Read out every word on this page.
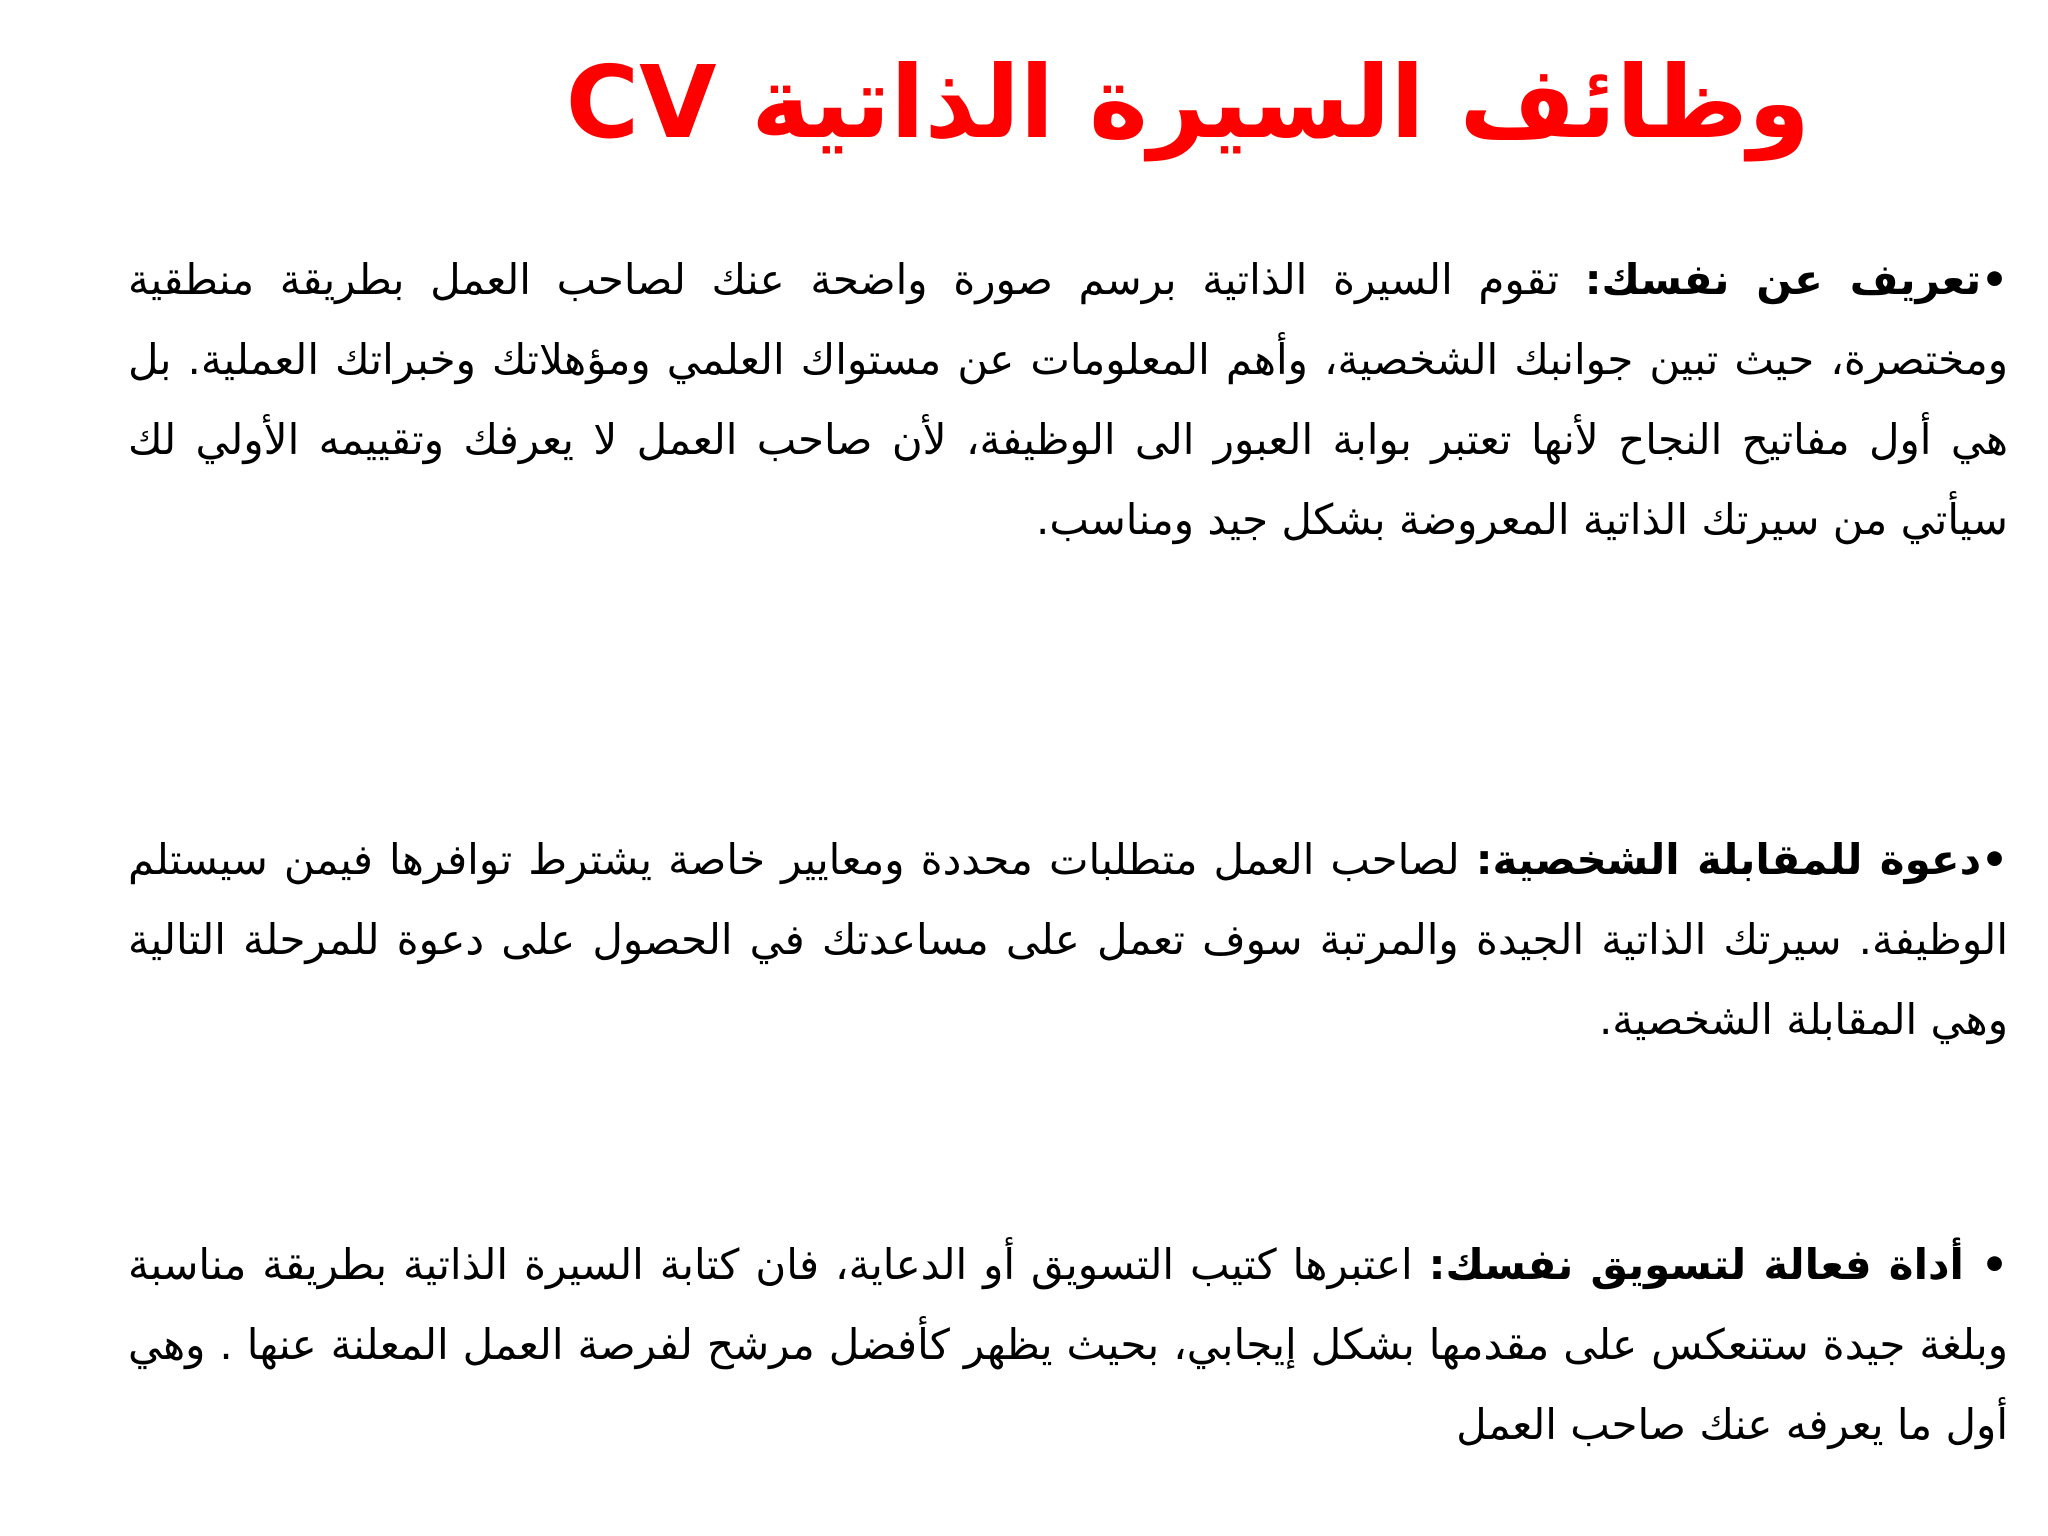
وظائف السيرة الذاتية CV
•تعريف عن نفسك: تقوم السيرة الذاتية برسم صورة واضحة عنك لصاحب العمل بطريقة منطقية ومختصرة، حيث تبين جوانبك الشخصية، وأهم المعلومات عن مستواك العلمي ومؤهلاتك وخبراتك العملية. بل هي أول مفاتيح النجاح لأنها تعتبر بوابة العبور الى الوظيفة، لأن صاحب العمل لا يعرفك وتقييمه الأولي لك سيأتي من سيرتك الذاتية المعروضة بشكل جيد ومناسب.
•دعوة للمقابلة الشخصية: لصاحب العمل متطلبات محددة ومعايير خاصة يشترط توافرها فيمن سيستلم الوظيفة. سيرتك الذاتية الجيدة والمرتبة سوف تعمل على مساعدتك في الحصول على دعوة للمرحلة التالية وهي المقابلة الشخصية.
• أداة فعالة لتسويق نفسك: اعتبرها كتيب التسويق أو الدعاية، فان كتابة السيرة الذاتية بطريقة مناسبة وبلغة جيدة ستنعكس على مقدمها بشكل إيجابي، بحيث يظهر كأفضل مرشح لفرصة العمل المعلنة عنها . وهي أول ما يعرفه عنك صاحب العمل
